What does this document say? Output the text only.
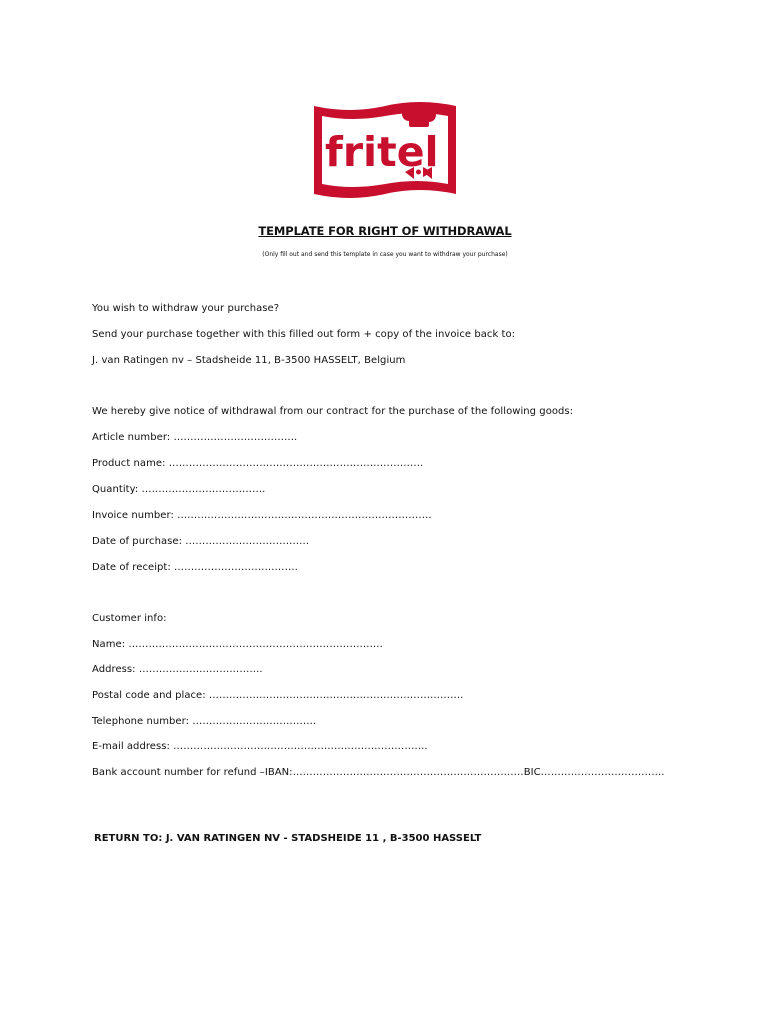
fritel
TEMPLATE FOR RIGHT OF WITHDRAWAL
(Only fill out and send this template in case you want to withdraw your purchase)
You wish to withdraw your purchase?
Send your purchase together with this filled out form + copy of the invoice back to:
J. van Ratingen nv – Stadsheide 11, B-3500 HASSELT, Belgium
We hereby give notice of withdrawal from our contract for the purchase of the following goods:
Article number: ……………………………….
Product name: ………………………………………………………………….
Quantity: ……………………………….
Invoice number: ………………………………………………………………….
Date of purchase: ……………………………….
Date of receipt: ……………………………….
Customer info:
Name: ………………………………………………………………….
Address: ……………………………….
Postal code and place: ………………………………………………………………….
Telephone number: ……………………………….
E-mail address: ………………………………………………………………….
Bank account number for refund –IBAN:……………………………………………………………BIC……………………………….
RETURN TO: J. VAN RATINGEN NV - STADSHEIDE 11 , B-3500 HASSELT
